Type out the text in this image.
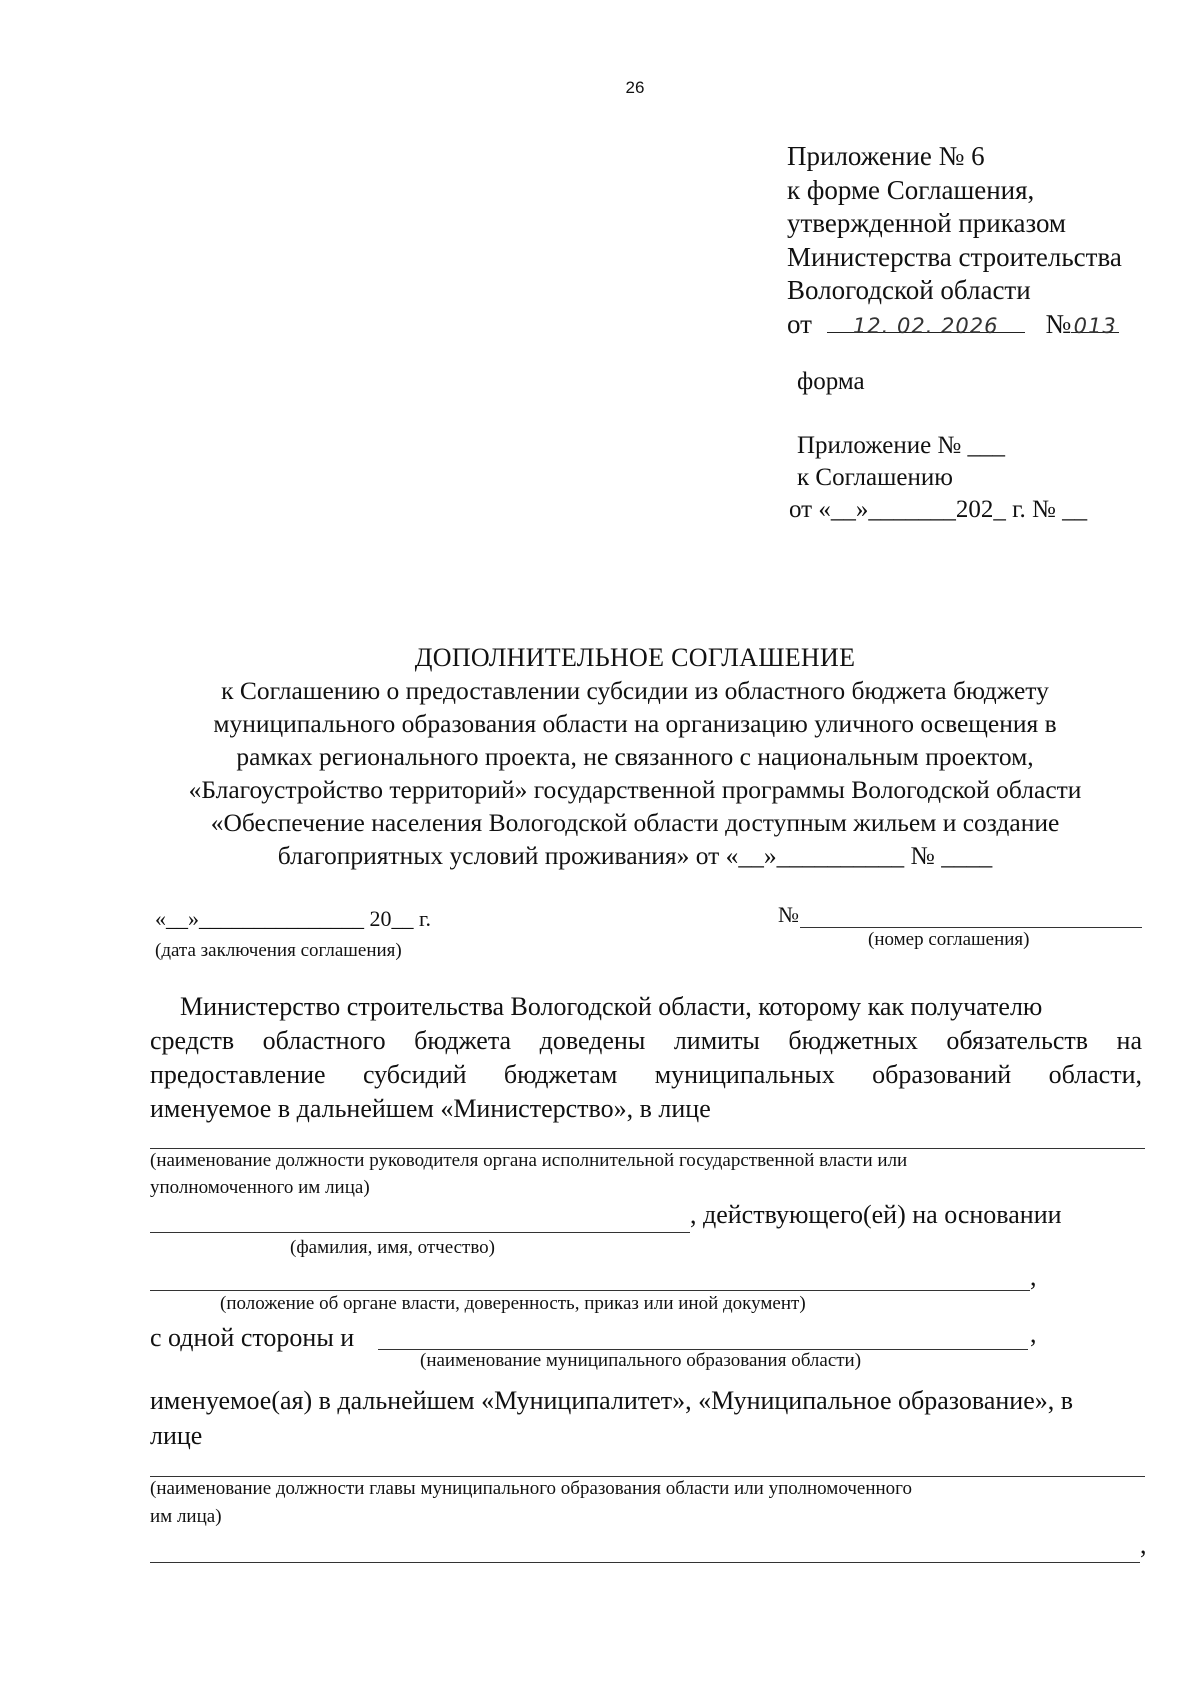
26
Приложение № 6
к форме Соглашения,
утвержденной приказом
Министерства строительства
Вологодской области
от 12. 02. 2026 № 013
форма
Приложение № ___
к Соглашению
от «__»_______202_ г. № __
ДОПОЛНИТЕЛЬНОЕ СОГЛАШЕНИЕ
к Соглашению о предоставлении субсидии из областного бюджета бюджету
муниципального образования области на организацию уличного освещения в
рамках регионального проекта, не связанного с национальным проектом,
«Благоустройство территорий» государственной программы Вологодской области
«Обеспечение населения Вологодской области доступным жильем и создание
благоприятных условий проживания» от «__»__________ № ____
«__»_______________ 20__ г.
(дата заключения соглашения)
№
(номер соглашения)
Министерство строительства Вологодской области, которому как получателю
средств областного бюджета доведены лимиты бюджетных обязательств на
предоставление субсидий бюджетам муниципальных образований области,
именуемое в дальнейшем «Министерство», в лице
(наименование должности руководителя органа исполнительной государственной власти или
уполномоченного им лица)
, действующего(ей) на основании
(фамилия, имя, отчество)
,
(положение об органе власти, доверенность, приказ или иной документ)
с одной стороны и	,
(наименование муниципального образования области)
именуемое(ая) в дальнейшем «Муниципалитет», «Муниципальное образование», в
лице
(наименование должности главы муниципального образования области или уполномоченного
им лица)
,
